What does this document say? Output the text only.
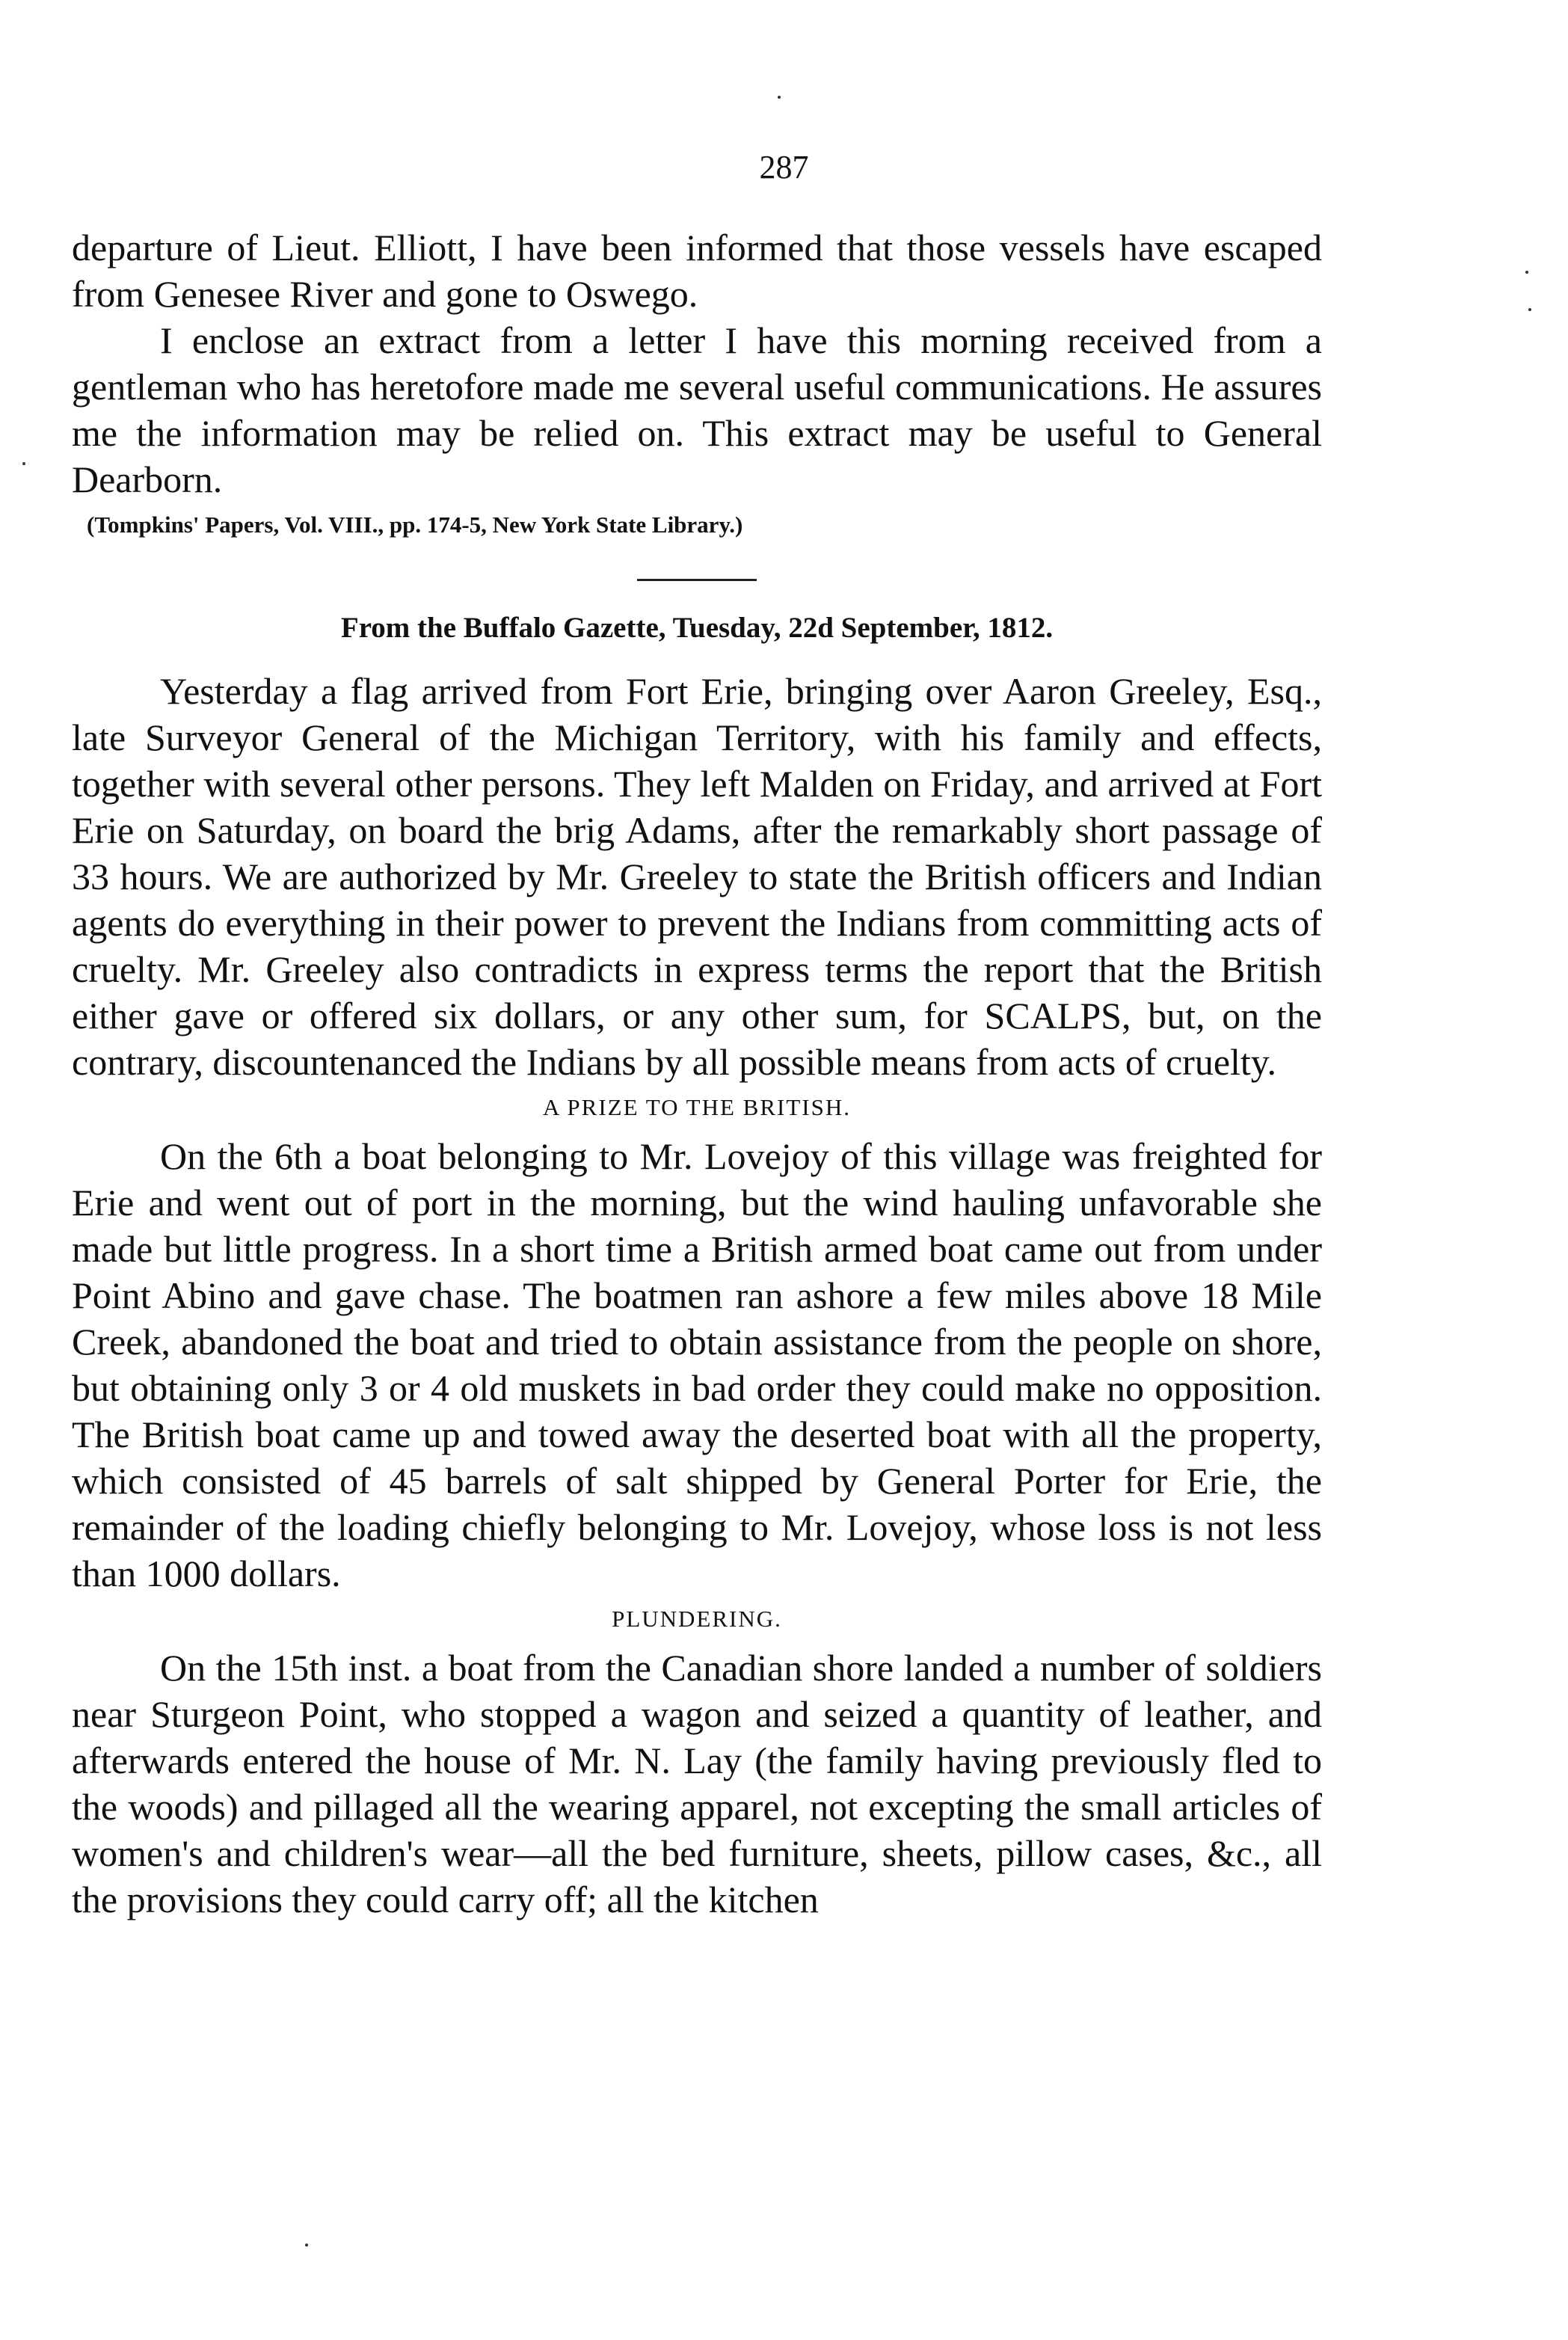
287

departure of Lieut. Elliott, I have been informed that those vessels have escaped from Genesee River and gone to Oswego.

I enclose an extract from a letter I have this morning received from a gentleman who has heretofore made me several useful communications. He assures me the information may be relied on. This extract may be useful to General Dearborn.

(Tompkins' Papers, Vol. VIII., pp. 174-5, New York State Library.)

From the Buffalo Gazette, Tuesday, 22d September, 1812.

Yesterday a flag arrived from Fort Erie, bringing over Aaron Greeley, Esq., late Surveyor General of the Michigan Territory, with his family and effects, together with several other persons. They left Malden on Friday, and arrived at Fort Erie on Saturday, on board the brig Adams, after the remarkably short passage of 33 hours. We are authorized by Mr. Greeley to state the British officers and Indian agents do everything in their power to prevent the Indians from committing acts of cruelty. Mr. Greeley also contradicts in express terms the report that the British either gave or offered six dollars, or any other sum, for SCALPS, but, on the contrary, discountenanced the Indians by all possible means from acts of cruelty.

A PRIZE TO THE BRITISH.

On the 6th a boat belonging to Mr. Lovejoy of this village was freighted for Erie and went out of port in the morning, but the wind hauling unfavorable she made but little progress. In a short time a British armed boat came out from under Point Abino and gave chase. The boatmen ran ashore a few miles above 18 Mile Creek, abandoned the boat and tried to obtain assistance from the people on shore, but obtaining only 3 or 4 old muskets in bad order they could make no opposition. The British boat came up and towed away the deserted boat with all the property, which consisted of 45 barrels of salt shipped by General Porter for Erie, the remainder of the loading chiefly belonging to Mr. Lovejoy, whose loss is not less than 1000 dollars.

PLUNDERING.

On the 15th inst. a boat from the Canadian shore landed a number of soldiers near Sturgeon Point, who stopped a wagon and seized a quantity of leather, and afterwards entered the house of Mr. N. Lay (the family having previously fled to the woods) and pillaged all the wearing apparel, not excepting the small articles of women's and children's wear—all the bed furniture, sheets, pillow cases, &c., all the provisions they could carry off; all the kitchen
